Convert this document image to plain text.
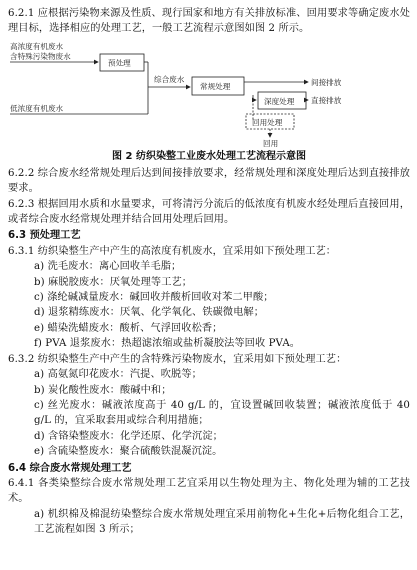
6.2.1 应根据污染物来源及性质、现行国家和地方有关排放标准、回用要求等确定废水处理目标，选择相应的处理工艺，一般工艺流程示意图如图 2 所示。

高浓度有机废水
含特殊污染物废水
低浓度有机废水
预处理
综合废水
常规处理	间接排放
深度处理 直接排放
回用处理
回用

图 2 纺织染整工业废水处理工艺流程示意图

6.2.2 综合废水经常规处理后达到间接排放要求，经常规处理和深度处理后达到直接排放要求。

6.2.3 根据回用水质和水量要求，可将清污分流后的低浓度有机废水经处理后直接回用，或者综合废水经常规处理并结合回用处理后回用。

6.3 预处理工艺

6.3.1 纺织染整生产中产生的高浓度有机废水，宜采用如下预处理工艺：

a) 洗毛废水：离心回收羊毛脂；

b) 麻脱胶废水：厌氧处理等工艺；

c) 涤纶碱减量废水：碱回收并酸析回收对苯二甲酸；

d) 退浆精练废水：厌氧、化学氧化、铁碳微电解；

e) 蜡染洗蜡废水：酸析、气浮回收松香；

f) PVA 退浆废水：热超滤浓缩或盐析凝胶法等回收 PVA。

6.3.2 纺织染整生产中产生的含特殊污染物废水，宜采用如下预处理工艺：

a) 高氨氮印花废水：汽提、吹脱等；

b) 炭化酸性废水：酸碱中和；

c) 丝光废水：碱液浓度高于 40 g/L 的，宜设置碱回收装置；碱液浓度低于 40 g/L 的，宜采取套用或综合利用措施；

d) 含铬染整废水：化学还原、化学沉淀；

e) 含硫染整废水：聚合硫酸铁混凝沉淀。

6.4 综合废水常规处理工艺

6.4.1 各类染整综合废水常规处理工艺宜采用以生物处理为主、物化处理为辅的工艺技术。

a) 机织棉及棉混纺染整综合废水常规处理宜采用前物化+生化+后物化组合工艺，工艺流程如图 3 所示；
